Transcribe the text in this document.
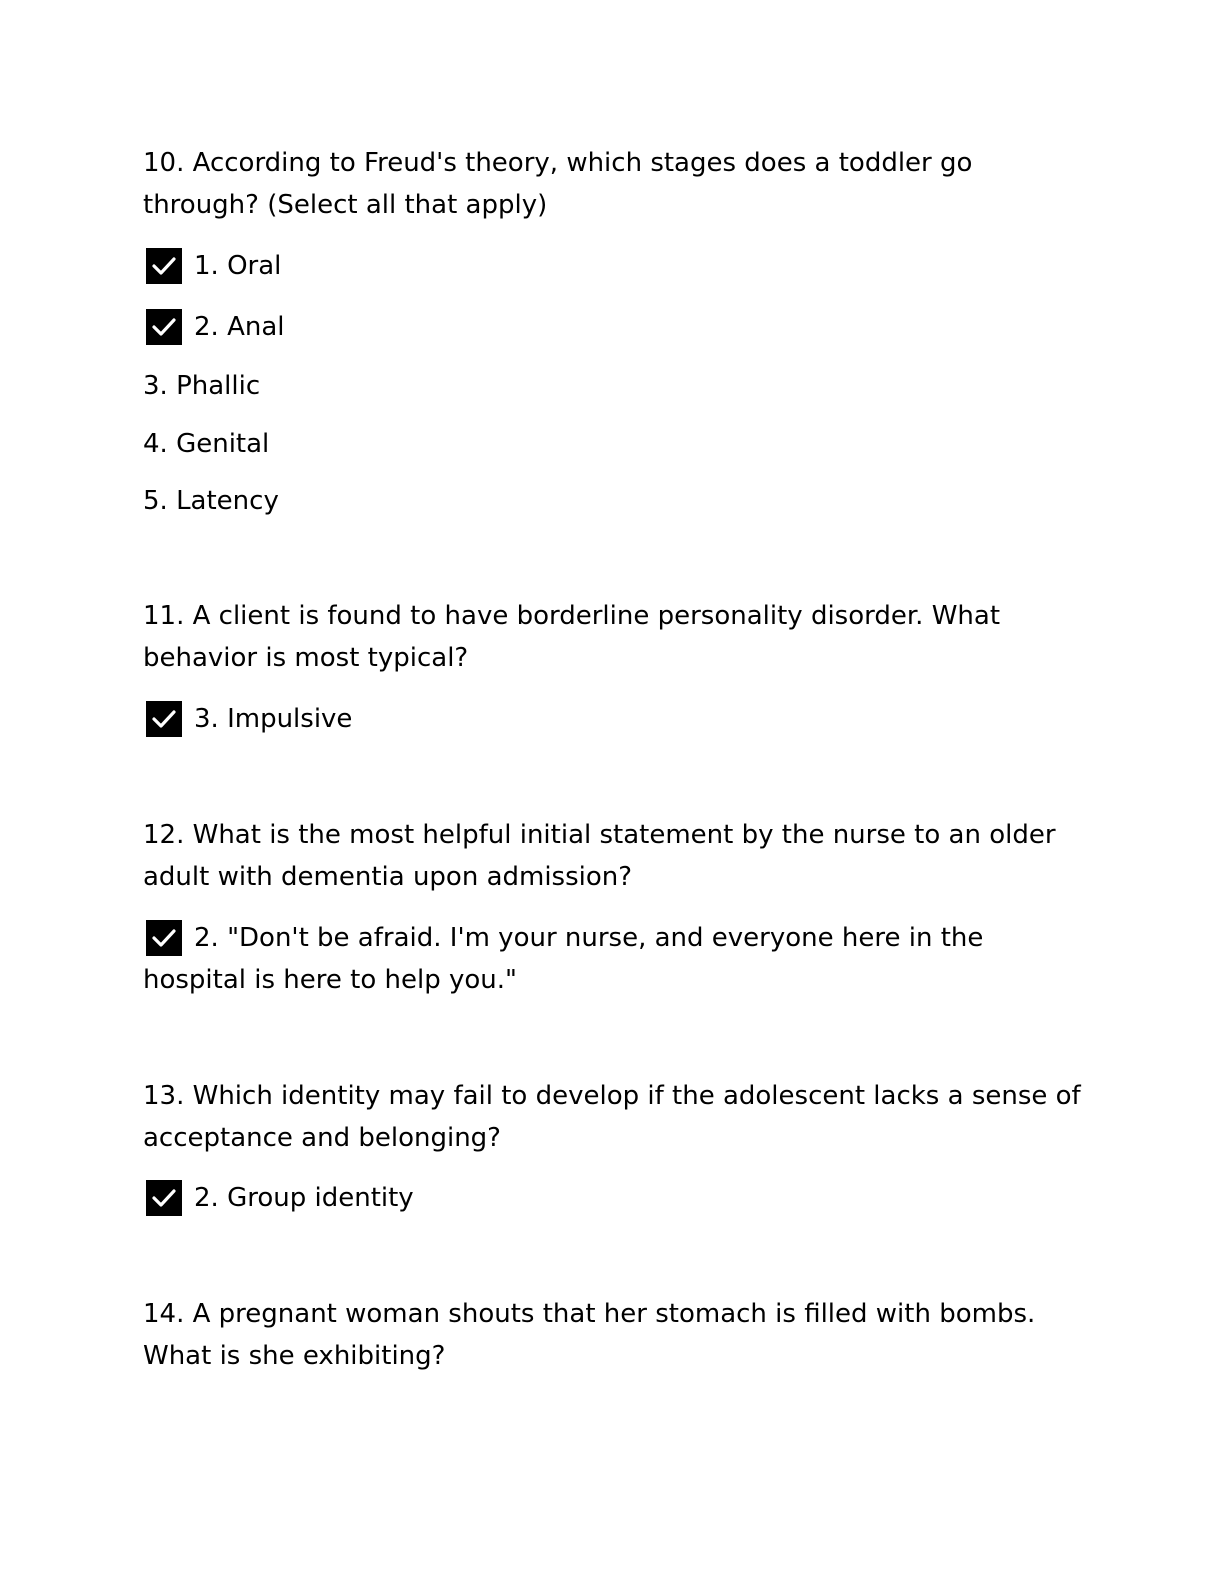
10. According to Freud's theory, which stages does a toddler go
through? (Select all that apply)
1. Oral
2. Anal
3. Phallic
4. Genital
5. Latency
11. A client is found to have borderline personality disorder. What
behavior is most typical?
3. Impulsive
12. What is the most helpful initial statement by the nurse to an older
adult with dementia upon admission?
2. "Don't be afraid. I'm your nurse, and everyone here in the
hospital is here to help you."
13. Which identity may fail to develop if the adolescent lacks a sense of
acceptance and belonging?
2. Group identity
14. A pregnant woman shouts that her stomach is filled with bombs.
What is she exhibiting?
